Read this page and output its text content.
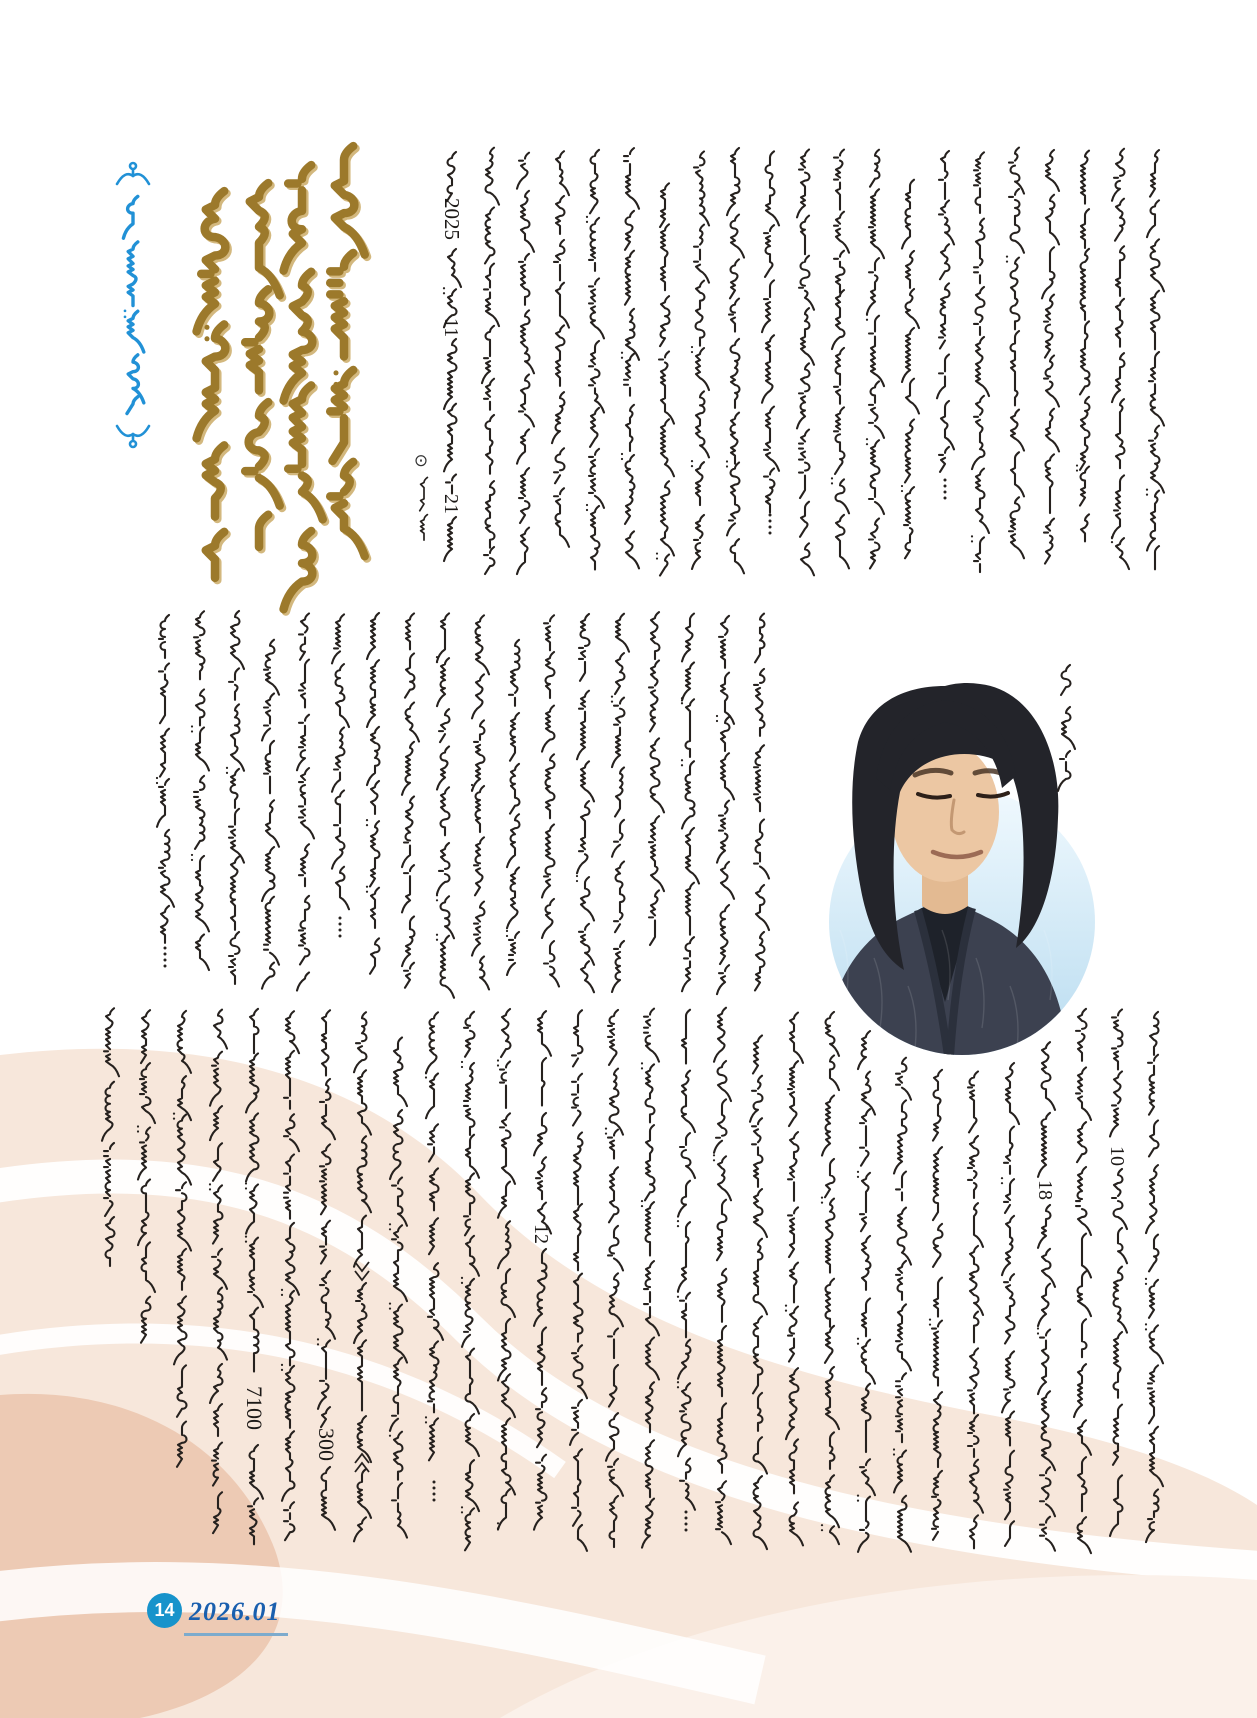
⊙
2025
11
21
7100
300
12
18
10
14 2026.01
